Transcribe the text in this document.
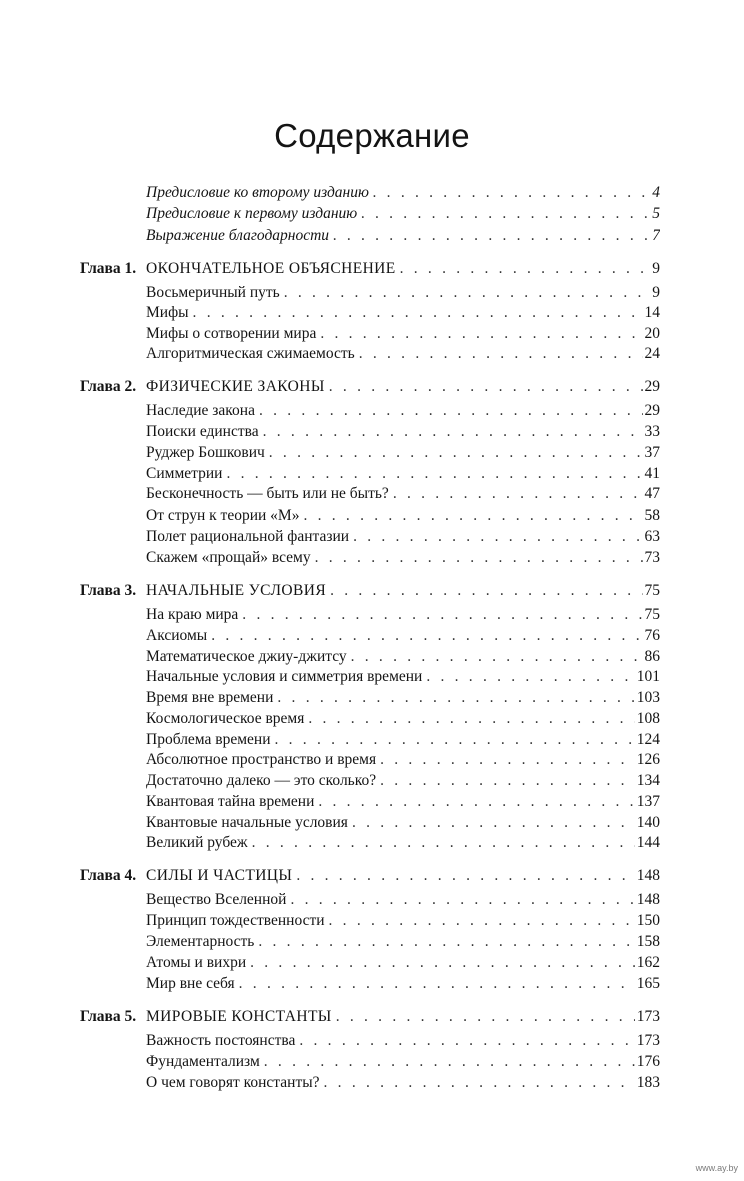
Содержание
Предисловие ко второму изданию . . .	4
Предисловие к первому изданию . . .	5
Выражение благодарности . . .	7
Глава 1. ОКОНЧАТЕЛЬНОЕ ОБЪЯСНЕНИЕ . . .	9
Восьмеричный путь . . .	9
Мифы . . .	14
Мифы о сотворении мира . . .	20
Алгоритмическая сжимаемость . . .	24
Глава 2. ФИЗИЧЕСКИЕ ЗАКОНЫ . . .	29
Наследие закона . . .	29
Поиски единства . . .	33
Руджер Бошкович . . .	37
Симметрии . . .	41
Бесконечность — быть или не быть? . . .	47
От струн к теории «М» . . .	58
Полет рациональной фантазии . . .	63
Скажем «прощай» всему . . .	73
Глава 3. НАЧАЛЬНЫЕ УСЛОВИЯ . . .	75
На краю мира . . .	75
Аксиомы . . .	76
Математическое джиу-джитсу . . .	86
Начальные условия и симметрия времени . . .	101
Время вне времени . . .	103
Космологическое время . . .	108
Проблема времени . . .	124
Абсолютное пространство и время . . .	126
Достаточно далеко — это сколько? . . .	134
Квантовая тайна времени . . .	137
Квантовые начальные условия . . .	140
Великий рубеж . . .	144
Глава 4. СИЛЫ И ЧАСТИЦЫ . . .	148
Вещество Вселенной . . .	148
Принцип тождественности . . .	150
Элементарность . . .	158
Атомы и вихри . . .	162
Мир вне себя . . .	165
Глава 5. МИРОВЫЕ КОНСТАНТЫ . . .	173
Важность постоянства . . .	173
Фундаментализм . . .	176
О чем говорят константы? . . .	183
www.ay.by
